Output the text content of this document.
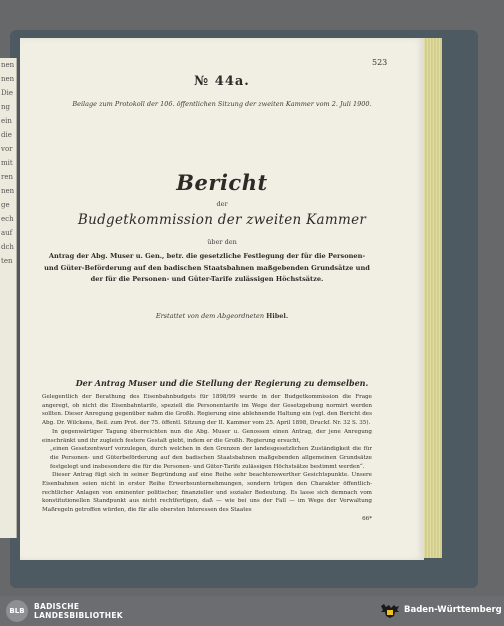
nen
nen
Die
ng
ein
die
vor
mit
ren
nen
ge
ech
auf
dch
ten
523
№ 44a.
Beilage zum Protokoll der 106. öffentlichen Sitzung der zweiten Kammer vom 2. Juli 1900.
Bericht
der
Budgetkommission der zweiten Kammer
über den
Antrag der Abg. Muser u. Gen., betr. die gesetzliche Festlegung der für die Personen- und Güter-Beförderung auf den badischen Staatsbahnen maßgebenden Grundsätze und der für die Personen- und Güter-Tarife zulässigen Höchstsätze.
Erstattet von dem Abgeordneten Hibel.
Der Antrag Muser und die Stellung der Regierung zu demselben.

Gelegentlich der Berathung des Eisenbahnbudgets für 1898/99 wurde in der Budgetkommission die Frage angeregt, ob nicht die Eisenbahntarife, speziell die Personentarife im Wege der Gesetzgebung normirt werden sollten. Dieser Anregung gegenüber nahm die Großh. Regierung eine ablehnende Haltung ein (vgl. den Bericht des Abg. Dr. Wilckens, Beil. zum Prot. der 75. öffentl. Sitzung der II. Kammer vom 25. April 1898, Druckf. Nr. 32 S. 35).

In gegenwärtiger Tagung überreichten nun die Abg. Muser u. Genossen einen Antrag, der jene Anregung einschränkt und ihr zugleich festere Gestalt giebt, indem er die Großh. Regierung ersucht,

„einen Gesetzentwurf vorzulegen, durch welchen in den Grenzen der landesgesetzlichen Zuständigkeit die für die Personen- und Güterbeförderung auf den badischen Staatsbahnen maßgebenden allgemeinen Grundsätze festgelegt und insbesondere die für die Personen- und Güter-Tarife zulässigen Höchstsätze bestimmt werden“.

Dieser Antrag fügt sich in seiner Begründung auf eine Reihe sehr beachtenswerther Gesichtspunkte. Unsere Eisenbahnen seien nicht in erster Reihe Erwerbsunternehmungen, sondern trügen den Charakter öffentlich-rechtlicher Anlagen von eminenter politischer, finanzieller und sozialer Bedeutung. Es lasse sich demnach vom konstitutionellen Standpunkt aus nicht rechtfertigen, daß — wie bei uns der Fall — im Wege der Verwaltung Maßregeln getroffen würden, die für alle obersten Interessen des Staates

66*

BLB	BADISCHE
LANDESBIBLIOTHEK
Baden-Württemberg
